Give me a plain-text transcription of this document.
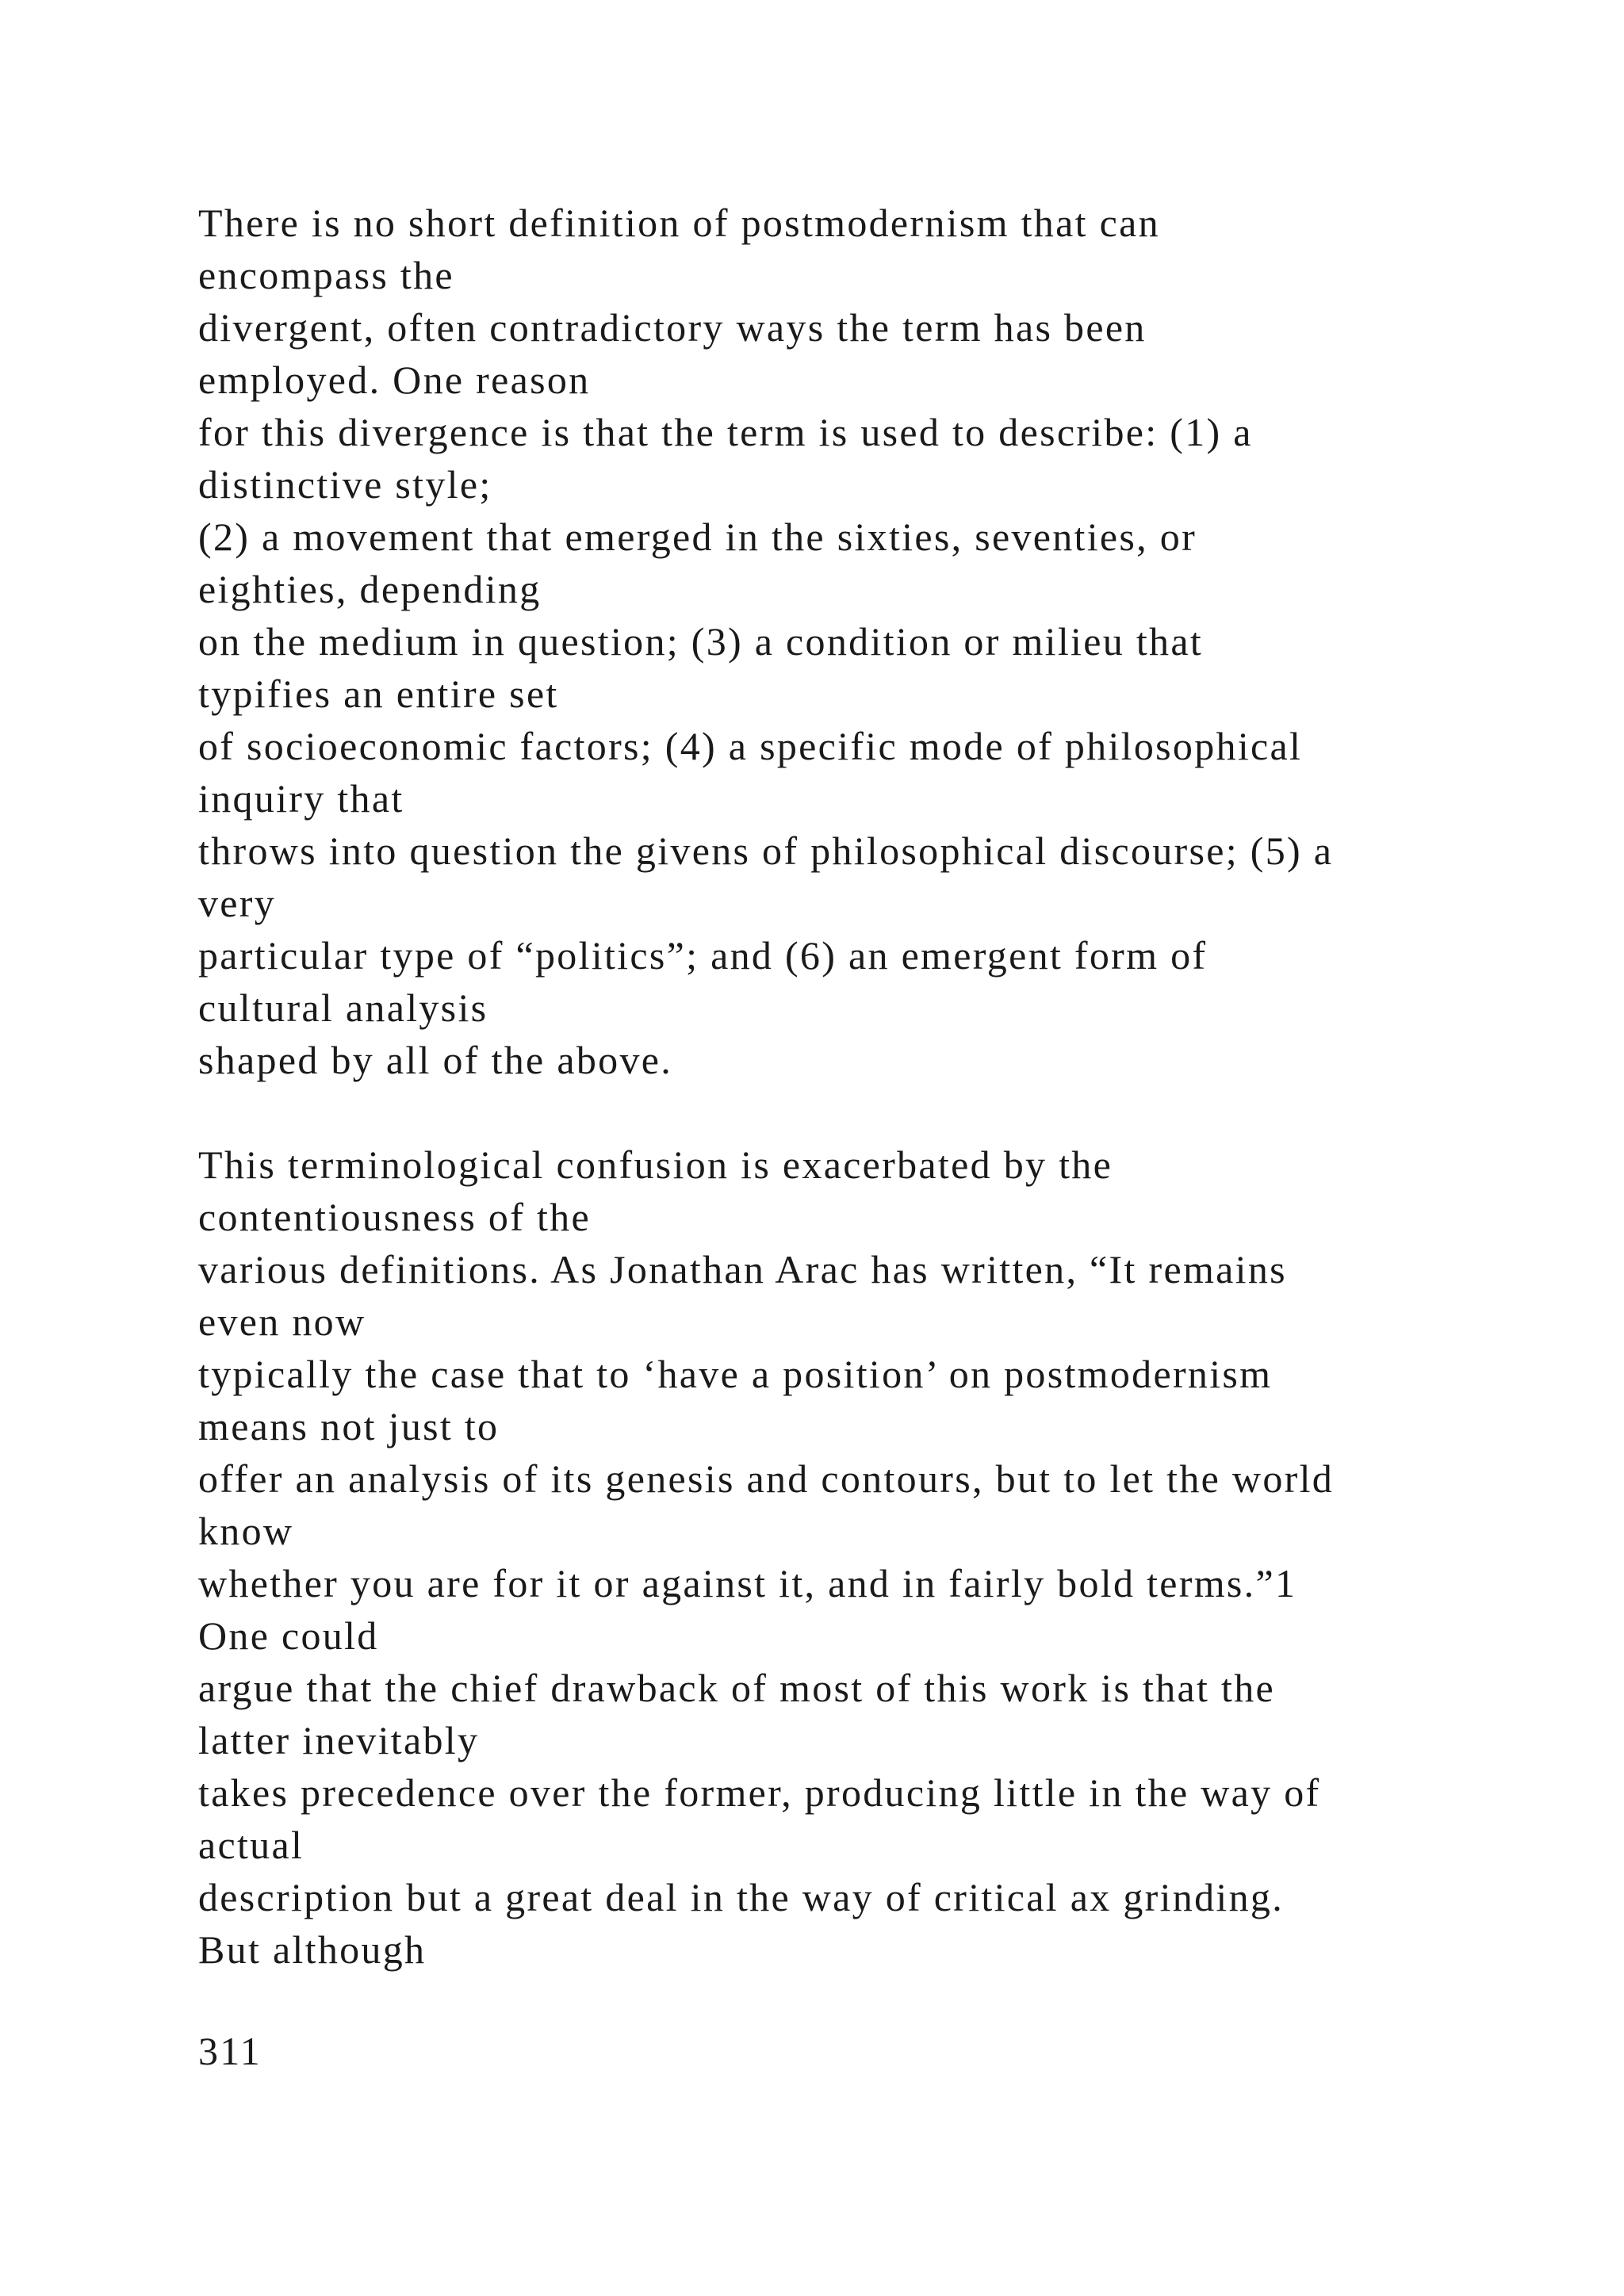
There is no short definition of postmodernism that can
encompass the
divergent, often contradictory ways the term has been
employed. One reason
for this divergence is that the term is used to describe: (1) a
distinctive style;
(2) a movement that emerged in the sixties, seventies, or
eighties, depending
on the medium in question; (3) a condition or milieu that
typifies an entire set
of socioeconomic factors; (4) a specific mode of philosophical
inquiry that
throws into question the givens of philosophical discourse; (5) a
very
particular type of “politics”; and (6) an emergent form of
cultural analysis
shaped by all of the above.
This terminological confusion is exacerbated by the
contentiousness of the
various definitions. As Jonathan Arac has written, “It remains
even now
typically the case that to ‘have a position’ on postmodernism
means not just to
offer an analysis of its genesis and contours, but to let the world
know
whether you are for it or against it, and in fairly bold terms.”1
One could
argue that the chief drawback of most of this work is that the
latter inevitably
takes precedence over the former, producing little in the way of
actual
description but a great deal in the way of critical ax grinding.
But although
311
